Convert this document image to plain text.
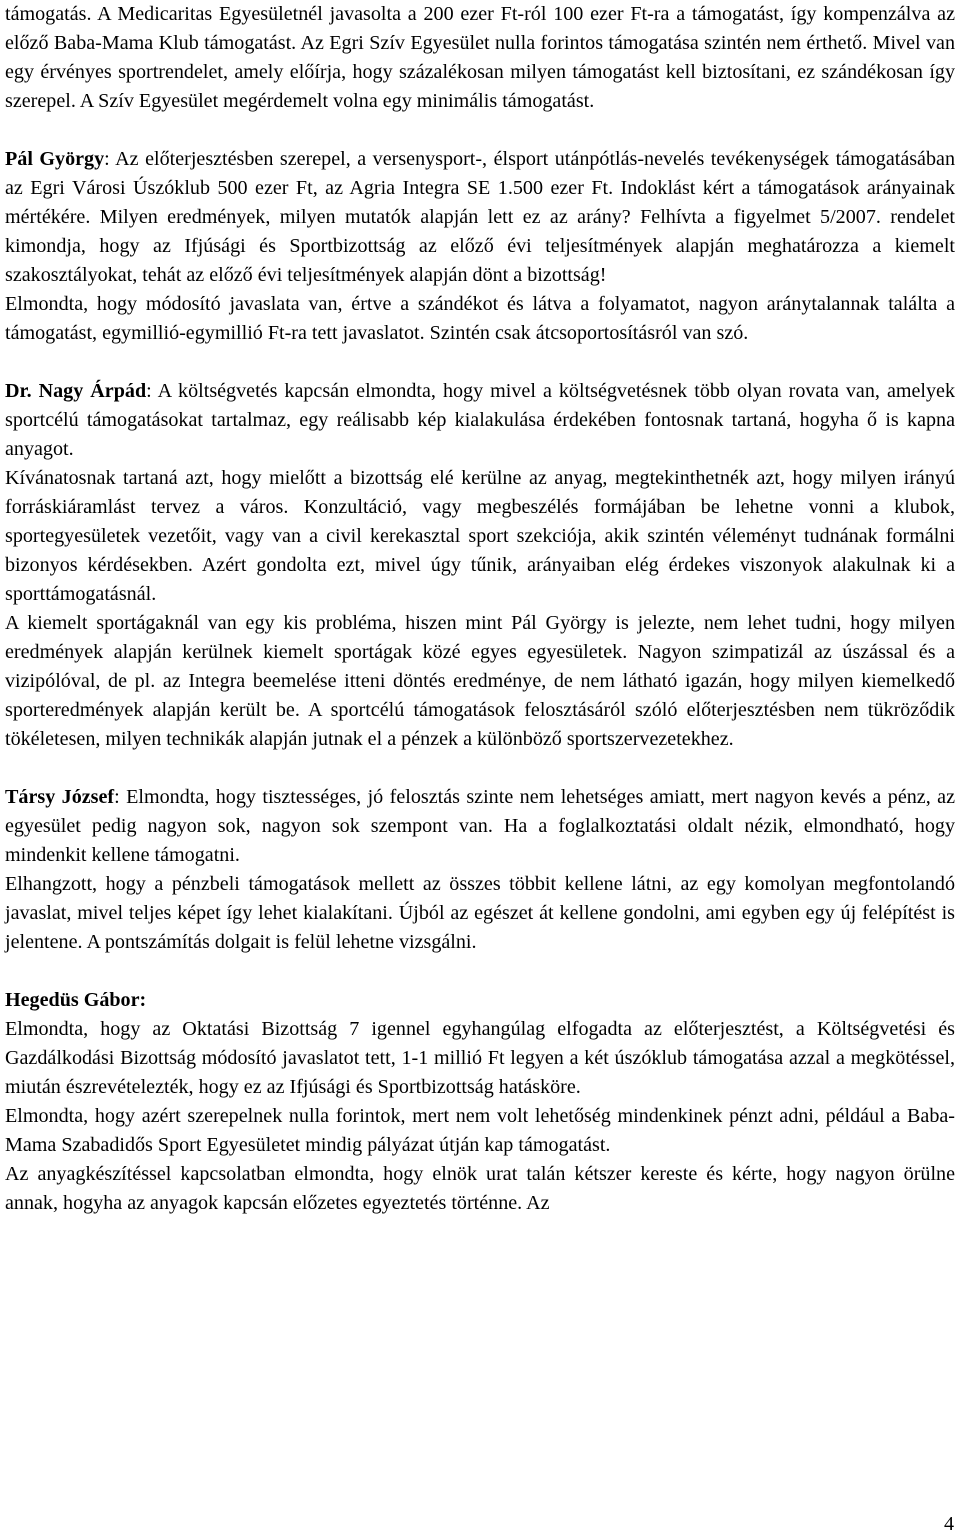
támogatás. A Medicaritas Egyesületnél javasolta a 200 ezer Ft-ról 100 ezer Ft-ra a támogatást, így kompenzálva az előző Baba-Mama Klub támogatást. Az Egri Szív Egyesület nulla forintos támogatása szintén nem érthető. Mivel van egy érvényes sportrendelet, amely előírja, hogy százalékosan milyen támogatást kell biztosítani, ez szándékosan így szerepel. A Szív Egyesület megérdemelt volna egy minimális támogatást.

Pál György: Az előterjesztésben szerepel, a versenysport-, élsport utánpótlás-nevelés tevékenységek támogatásában az Egri Városi Úszóklub 500 ezer Ft, az Agria Integra SE 1.500 ezer Ft. Indoklást kért a támogatások arányainak mértékére. Milyen eredmények, milyen mutatók alapján lett ez az arány? Felhívta a figyelmet 5/2007. rendelet kimondja, hogy az Ifjúsági és Sportbizottság az előző évi teljesítmények alapján meghatározza a kiemelt szakosztályokat, tehát az előző évi teljesítmények alapján dönt a bizottság!

Elmondta, hogy módosító javaslata van, értve a szándékot és látva a folyamatot, nagyon aránytalannak találta a támogatást, egymillió-egymillió Ft-ra tett javaslatot. Szintén csak átcsoportosításról van szó.

Dr. Nagy Árpád: A költségvetés kapcsán elmondta, hogy mivel a költségvetésnek több olyan rovata van, amelyek sportcélú támogatásokat tartalmaz, egy reálisabb kép kialakulása érdekében fontosnak tartaná, hogyha ő is kapna anyagot.

Kívánatosnak tartaná azt, hogy mielőtt a bizottság elé kerülne az anyag, megtekinthetnék azt, hogy milyen irányú forráskiáramlást tervez a város. Konzultáció, vagy megbeszélés formájában be lehetne vonni a klubok, sportegyesületek vezetőit, vagy van a civil kerekasztal sport szekciója, akik szintén véleményt tudnának formálni bizonyos kérdésekben. Azért gondolta ezt, mivel úgy tűnik, arányaiban elég érdekes viszonyok alakulnak ki a sporttámogatásnál.

A kiemelt sportágaknál van egy kis probléma, hiszen mint Pál György is jelezte, nem lehet tudni, hogy milyen eredmények alapján kerülnek kiemelt sportágak közé egyes egyesületek. Nagyon szimpatizál az úszással és a vizipólóval, de pl. az Integra beemelése itteni döntés eredménye, de nem látható igazán, hogy milyen kiemelkedő sporteredmények alapján került be. A sportcélú támogatások felosztásáról szóló előterjesztésben nem tükröződik tökéletesen, milyen technikák alapján jutnak el a pénzek a különböző sportszervezetekhez.

Társy József: Elmondta, hogy tisztességes, jó felosztás szinte nem lehetséges amiatt, mert nagyon kevés a pénz, az egyesület pedig nagyon sok, nagyon sok szempont van. Ha a foglalkoztatási oldalt nézik, elmondható, hogy mindenkit kellene támogatni.

Elhangzott, hogy a pénzbeli támogatások mellett az összes többit kellene látni, az egy komolyan megfontolandó javaslat, mivel teljes képet így lehet kialakítani. Újból az egészet át kellene gondolni, ami egyben egy új felépítést is jelentene. A pontszámítás dolgait is felül lehetne vizsgálni.

Hegedüs Gábor:

Elmondta, hogy az Oktatási Bizottság 7 igennel egyhangúlag elfogadta az előterjesztést, a Költségvetési és Gazdálkodási Bizottság módosító javaslatot tett, 1-1 millió Ft legyen a két úszóklub támogatása azzal a megkötéssel, miután észrevételezték, hogy ez az Ifjúsági és Sportbizottság hatásköre.

Elmondta, hogy azért szerepelnek nulla forintok, mert nem volt lehetőség mindenkinek pénzt adni, például a Baba-Mama Szabadidős Sport Egyesületet mindig pályázat útján kap támogatást.

Az anyagkészítéssel kapcsolatban elmondta, hogy elnök urat talán kétszer kereste és kérte, hogy nagyon örülne annak, hogyha az anyagok kapcsán előzetes egyeztetés történne. Az

4
